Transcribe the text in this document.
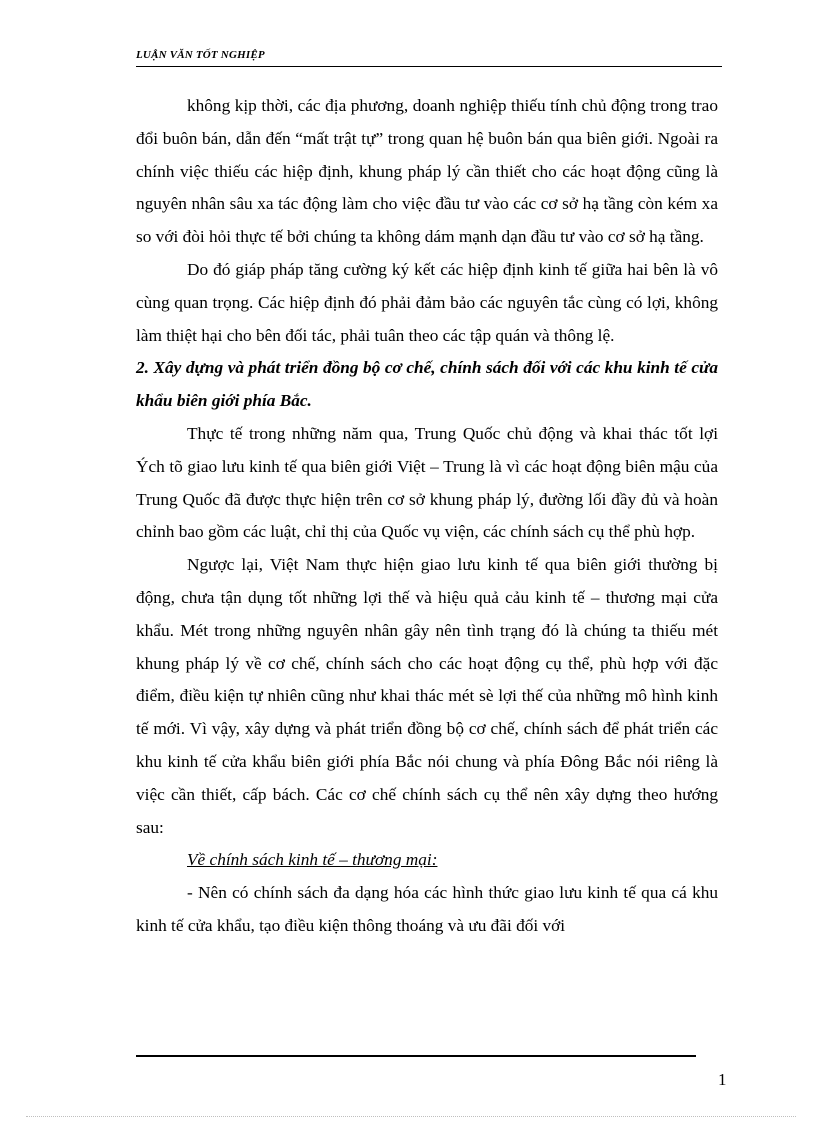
LUẬN VĂN TỐT NGHIỆP

không kịp thời, các địa phương, doanh nghiệp thiếu tính chủ động trong trao đổi buôn bán, dẫn đến “mất trật tự” trong quan hệ buôn bán qua biên giới. Ngoài ra chính việc thiếu các hiệp định, khung pháp lý cần thiết cho các hoạt động cũng là nguyên nhân sâu xa tác động làm cho việc đầu tư vào các cơ sở hạ tầng còn kém xa so với đòi hỏi thực tế bởi chúng ta không dám mạnh dạn đầu tư vào cơ sở hạ tầng.

Do đó giáp pháp tăng cường ký kết các hiệp định kinh tế giữa hai bên là vô cùng quan trọng. Các hiệp định đó phải đảm bảo các nguyên tắc cùng có lợi, không làm thiệt hại cho bên đối tác, phải tuân theo các tập quán và thông lệ.

2. Xây dựng và phát triển đồng bộ cơ chế, chính sách đối với các khu kinh tế cửa khẩu biên giới phía Bắc.

Thực tế trong những năm qua, Trung Quốc chủ động và khai thác tốt lợi Ých tõ giao lưu kinh tế qua biên giới Việt – Trung là vì các hoạt động biên mậu của Trung Quốc đã được thực hiện trên cơ sở khung pháp lý, đường lối đầy đủ và hoàn chỉnh bao gồm các luật, chỉ thị của Quốc vụ viện, các chính sách cụ thể phù hợp.

Ngược lại, Việt Nam thực hiện giao lưu kinh tế qua biên giới thường bị động, chưa tận dụng tốt những lợi thế và hiệu quả cảu kinh tế – thương mại cửa khẩu. Mét trong những nguyên nhân gây nên tình trạng đó là chúng ta thiếu mét khung pháp lý về cơ chế, chính sách cho các hoạt động cụ thể, phù hợp với đặc điểm, điều kiện tự nhiên cũng như khai thác mét sè lợi thế của những mô hình kinh tế mới. Vì vậy, xây dựng và phát triển đồng bộ cơ chế, chính sách để phát triển các khu kinh tế cửa khẩu biên giới phía Bắc nói chung và phía Đông Bắc nói riêng là việc cần thiết, cấp bách. Các cơ chế chính sách cụ thể nên xây dựng theo hướng sau:

Về chính sách kinh tế – thương mại:

- Nên có chính sách đa dạng hóa các hình thức giao lưu kinh tế qua cá khu kinh tế cửa khẩu, tạo điều kiện thông thoáng và ưu đãi đối với

1
